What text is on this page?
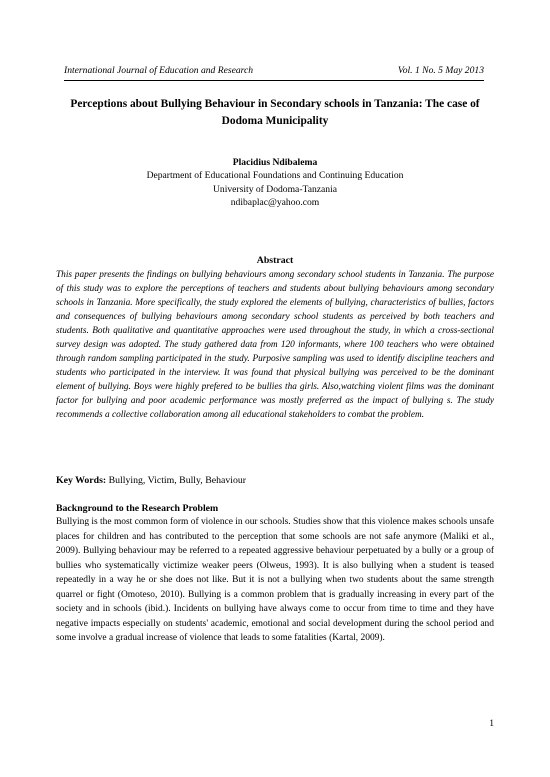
International Journal of Education and Research	Vol. 1 No. 5 May 2013
Perceptions about Bullying Behaviour in Secondary schools in Tanzania: The case of Dodoma Municipality
Placidius Ndibalema
Department of Educational Foundations and Continuing Education
University of Dodoma-Tanzania
ndibaplac@yahoo.com
Abstract

This paper presents the findings on bullying behaviours among secondary school students in Tanzania. The purpose of this study was to explore the perceptions of teachers and students about bullying behaviours among secondary schools in Tanzania. More specifically, the study explored the elements of bullying, characteristics of bullies, factors and consequences of bullying behaviours among secondary school students as perceived by both teachers and students. Both qualitative and quantitative approaches were used throughout the study, in which a cross-sectional survey design was adopted. The study gathered data from 120 informants, where 100 teachers who were obtained through random sampling participated in the study. Purposive sampling was used to identify discipline teachers and students who participated in the interview. It was found that physical bullying was perceived to be the dominant element of bullying. Boys were highly prefered to be bullies tha girls. Also,watching violent films was the dominant factor for bullying and poor academic performance was mostly preferred as the impact of bullying s. The study recommends a collective collaboration among all educational stakeholders to combat the problem.

Key Words: Bullying, Victim, Bully, Behaviour
Backnground to the Research Problem

Bullying is the most common form of violence in our schools. Studies show that this violence makes schools unsafe places for children and has contributed to the perception that some schools are not safe anymore (Maliki et al., 2009). Bullying behaviour may be referred to a repeated aggressive behaviour perpetuated by a bully or a group of bullies who systematically victimize weaker peers (Olweus, 1993). It is also bullying when a student is teased repeatedly in a way he or she does not like. But it is not a bullying when two students about the same strength quarrel or fight (Omoteso, 2010). Bullying is a common problem that is gradually increasing in every part of the society and in schools (ibid.). Incidents on bullying have always come to occur from time to time and they have negative impacts especially on students' academic, emotional and social development during the school period and some involve a gradual increase of violence that leads to some fatalities (Kartal, 2009).

1
